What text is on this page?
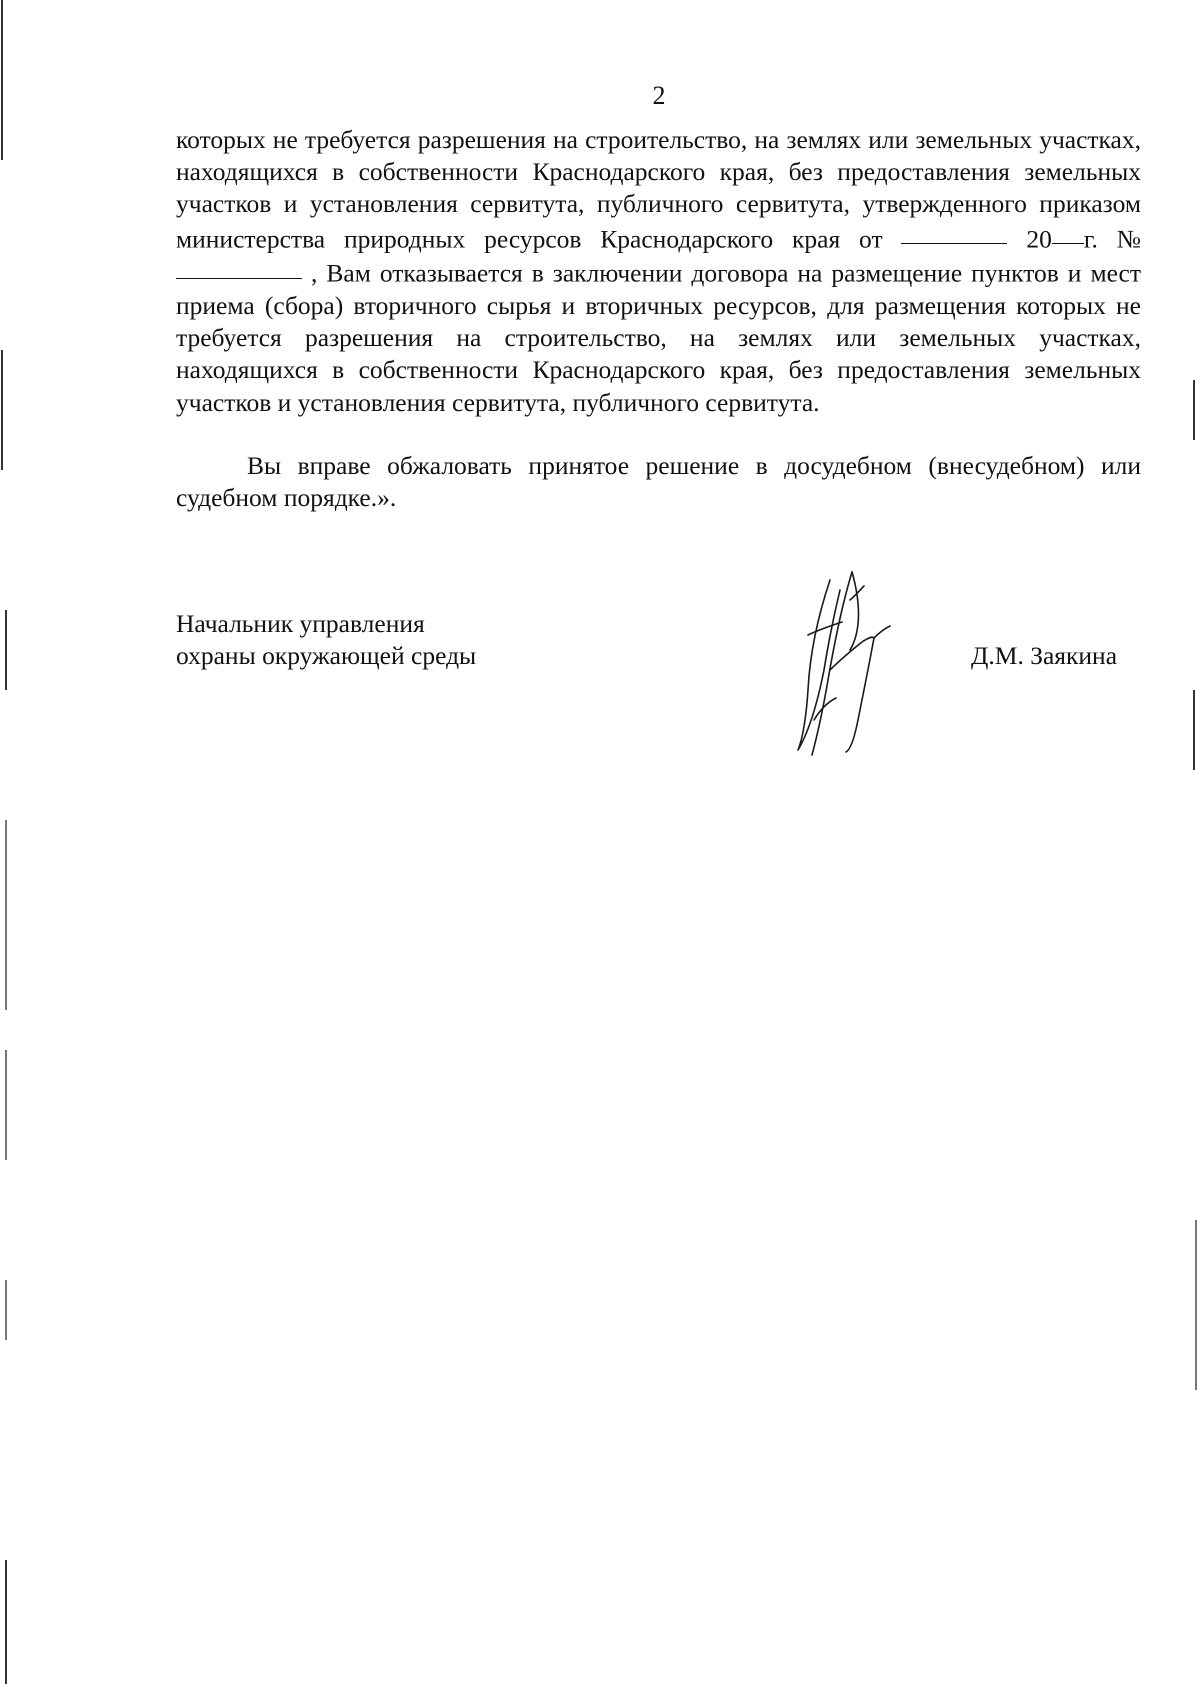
2

которых не требуется разрешения на строительство, на землях или земельных участках, находящихся в собственности Краснодарского края, без предоставления земельных участков и установления сервитута, публичного сервитута, утвержденного приказом министерства природных ресурсов Краснодарского края от	20 г. №  , Вам отказывается в заключении договора на размещение пунктов и мест приема (сбора) вторичного сырья и вторичных ресурсов, для размещения которых не требуется разрешения на строительство, на землях или земельных участках, находящихся в собственности Краснодарского края, без предоставления земельных участков и установления сервитута, публичного сервитута.

Вы вправе обжаловать принятое решение в досудебном (внесудебном) или судебном порядке.».

Начальник управления
охраны окружающей среды	Д.М. Заякина
